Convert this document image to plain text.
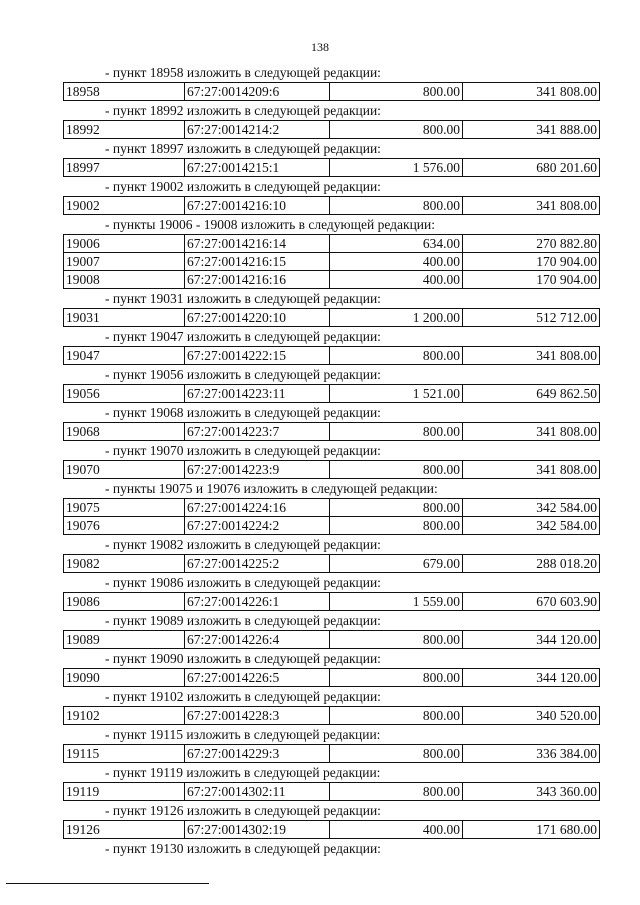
138
- пункт 18958 изложить в следующей редакции:
18958	67:27:0014209:6	800.00	341 808.00
- пункт 18992 изложить в следующей редакции:
18992	67:27:0014214:2	800.00	341 888.00
- пункт 18997 изложить в следующей редакции:
18997	67:27:0014215:1	1 576.00	680 201.60
- пункт 19002 изложить в следующей редакции:
19002	67:27:0014216:10	800.00	341 808.00
- пункты 19006 - 19008 изложить в следующей редакции:
19006	67:27:0014216:14	634.00	270 882.80
19007	67:27:0014216:15	400.00	170 904.00
19008	67:27:0014216:16	400.00	170 904.00
- пункт 19031 изложить в следующей редакции:
19031	67:27:0014220:10	1 200.00	512 712.00
- пункт 19047 изложить в следующей редакции:
19047	67:27:0014222:15	800.00	341 808.00
- пункт 19056 изложить в следующей редакции:
19056	67:27:0014223:11	1 521.00	649 862.50
- пункт 19068 изложить в следующей редакции:
19068	67:27:0014223:7	800.00	341 808.00
- пункт 19070 изложить в следующей редакции:
19070	67:27:0014223:9	800.00	341 808.00
- пункты 19075 и 19076 изложить в следующей редакции:
19075	67:27:0014224:16	800.00	342 584.00
19076	67:27:0014224:2	800.00	342 584.00
- пункт 19082 изложить в следующей редакции:
19082	67:27:0014225:2	679.00	288 018.20
- пункт 19086 изложить в следующей редакции:
19086	67:27:0014226:1	1 559.00	670 603.90
- пункт 19089 изложить в следующей редакции:
19089	67:27:0014226:4	800.00	344 120.00
- пункт 19090 изложить в следующей редакции:
19090	67:27:0014226:5	800.00	344 120.00
- пункт 19102 изложить в следующей редакции:
19102	67:27:0014228:3	800.00	340 520.00
- пункт 19115 изложить в следующей редакции:
19115	67:27:0014229:3	800.00	336 384.00
- пункт 19119 изложить в следующей редакции:
19119	67:27:0014302:11	800.00	343 360.00
- пункт 19126 изложить в следующей редакции:
19126	67:27:0014302:19	400.00	171 680.00
- пункт 19130 изложить в следующей редакции:
